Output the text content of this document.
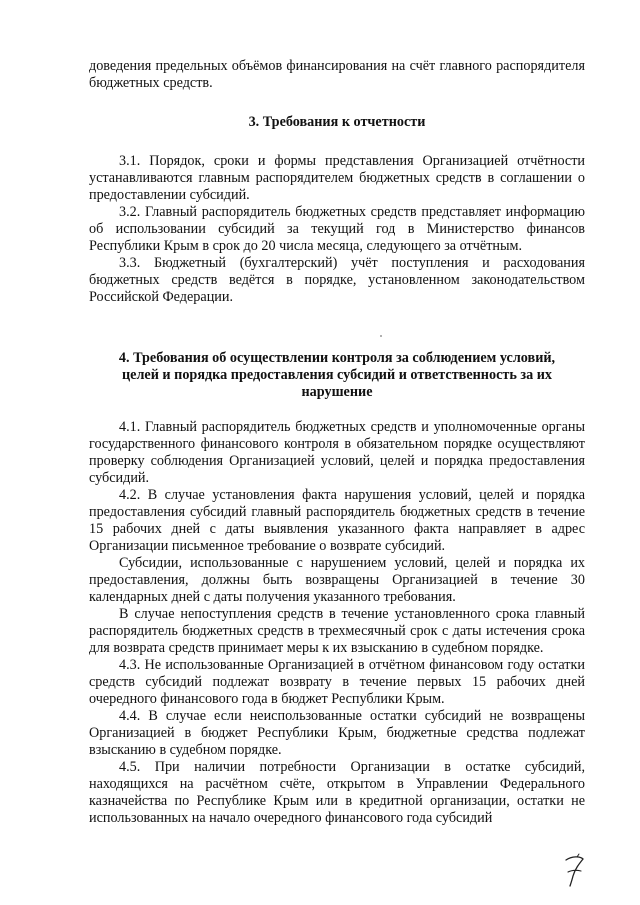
доведения предельных объёмов финансирования на счёт главного распорядителя бюджетных средств.

3. Требования к отчетности

3.1. Порядок, сроки и формы представления Организацией отчётности устанавливаются главным распорядителем бюджетных средств в соглашении о предоставлении субсидий.

3.2. Главный распорядитель бюджетных средств представляет информацию об использовании субсидий за текущий год в Министерство финансов Республики Крым в срок до 20 числа месяца, следующего за отчётным.

3.3. Бюджетный (бухгалтерский) учёт поступления и расходования бюджетных средств ведётся в порядке, установленном законодательством Российской Федерации.

4. Требования об осуществлении контроля за соблюдением условий,
целей и порядка предоставления субсидий и ответственность за их
нарушение

4.1. Главный распорядитель бюджетных средств и уполномоченные органы государственного финансового контроля в обязательном порядке осуществляют проверку соблюдения Организацией условий, целей и порядка предоставления субсидий.

4.2. В случае установления факта нарушения условий, целей и порядка предоставления субсидий главный распорядитель бюджетных средств в течение 15 рабочих дней с даты выявления указанного факта направляет в адрес Организации письменное требование о возврате субсидий.

Субсидии, использованные с нарушением условий, целей и порядка их предоставления, должны быть возвращены Организацией в течение 30 календарных дней с даты получения указанного требования.

В случае непоступления средств в течение установленного срока главный распорядитель бюджетных средств в трехмесячный срок с даты истечения срока для возврата средств принимает меры к их взысканию в судебном порядке.

4.3. Не использованные Организацией в отчётном финансовом году остатки средств субсидий подлежат возврату в течение первых 15 рабочих дней очередного финансового года в бюджет Республики Крым.

4.4. В случае если неиспользованные остатки субсидий не возвращены Организацией в бюджет Республики Крым, бюджетные средства подлежат взысканию в судебном порядке.

4.5. При наличии потребности Организации в остатке субсидий, находящихся на расчётном счёте, открытом в Управлении Федерального казначейства по Республике Крым или в кредитной организации, остатки не использованных на начало очередного финансового года субсидий
